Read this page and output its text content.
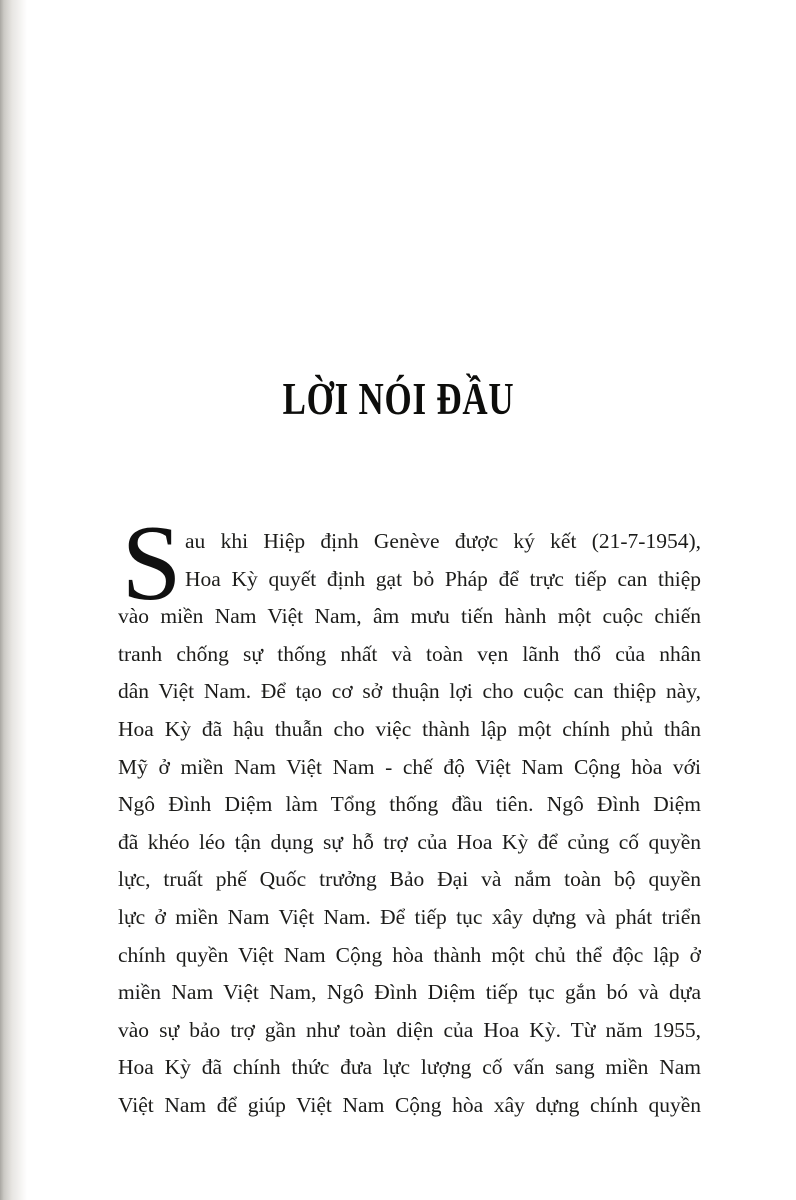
LỜI NÓI ĐẦU
S au khi Hiệp định Genève được ký kết (21-7-1954),
Hoa Kỳ quyết định gạt bỏ Pháp để trực tiếp can thiệp
vào miền Nam Việt Nam, âm mưu tiến hành một cuộc chiến
tranh chống sự thống nhất và toàn vẹn lãnh thổ của nhân
dân Việt Nam. Để tạo cơ sở thuận lợi cho cuộc can thiệp này,
Hoa Kỳ đã hậu thuẫn cho việc thành lập một chính phủ thân
Mỹ ở miền Nam Việt Nam - chế độ Việt Nam Cộng hòa với
Ngô Đình Diệm làm Tổng thống đầu tiên. Ngô Đình Diệm
đã khéo léo tận dụng sự hỗ trợ của Hoa Kỳ để củng cố quyền
lực, truất phế Quốc trưởng Bảo Đại và nắm toàn bộ quyền
lực ở miền Nam Việt Nam. Để tiếp tục xây dựng và phát triển
chính quyền Việt Nam Cộng hòa thành một chủ thể độc lập ở
miền Nam Việt Nam, Ngô Đình Diệm tiếp tục gắn bó và dựa
vào sự bảo trợ gần như toàn diện của Hoa Kỳ. Từ năm 1955,
Hoa Kỳ đã chính thức đưa lực lượng cố vấn sang miền Nam
Việt Nam để giúp Việt Nam Cộng hòa xây dựng chính quyền
